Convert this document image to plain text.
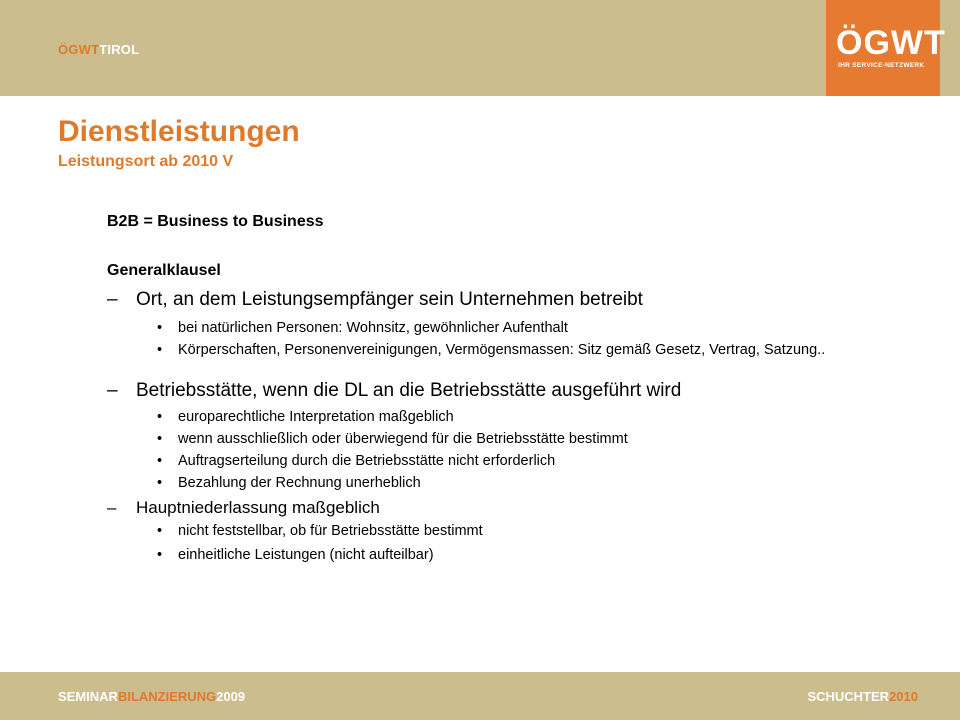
ÖGWTTIROL	ÖGWT
IHR SERVICE-NETZWERK
Dienstleistungen
Leistungsort ab 2010 V
B2B = Business to Business
Generalklausel
– Ort, an dem Leistungsempfänger sein Unternehmen betreibt
• bei natürlichen Personen: Wohnsitz, gewöhnlicher Aufenthalt
• Körperschaften, Personenvereinigungen, Vermögensmassen: Sitz gemäß Gesetz, Vertrag, Satzung..
– Betriebsstätte, wenn die DL an die Betriebsstätte ausgeführt wird
• europarechtliche Interpretation maßgeblich
• wenn ausschließlich oder überwiegend für die Betriebsstätte bestimmt
• Auftragserteilung durch die Betriebsstätte nicht erforderlich
• Bezahlung der Rechnung unerheblich
– Hauptniederlassung maßgeblich
• nicht feststellbar, ob für Betriebsstätte bestimmt
• einheitliche Leistungen (nicht aufteilbar)
SEMINARBILANZIERUNG2009	SCHUCHTER2010
